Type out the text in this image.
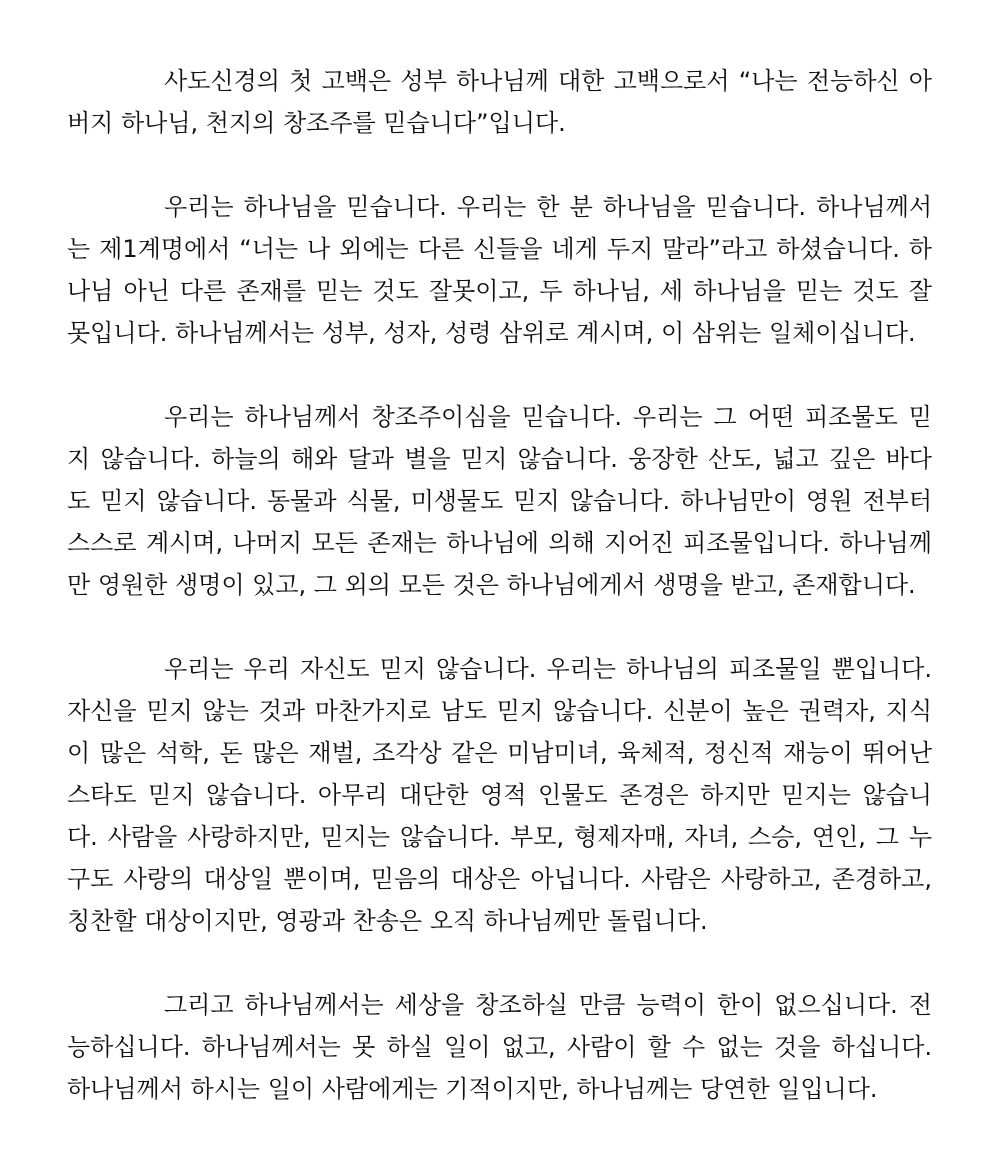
사도신경의 첫 고백은 성부 하나님께 대한 고백으로서 “나는 전능하신 아
버지 하나님, 천지의 창조주를 믿습니다”입니다.
우리는 하나님을 믿습니다. 우리는 한 분 하나님을 믿습니다. 하나님께서
는 제1계명에서 “너는 나 외에는 다른 신들을 네게 두지 말라”라고 하셨습니다. 하
나님 아닌 다른 존재를 믿는 것도 잘못이고, 두 하나님, 세 하나님을 믿는 것도 잘
못입니다. 하나님께서는 성부, 성자, 성령 삼위로 계시며, 이 삼위는 일체이십니다.
우리는 하나님께서 창조주이심을 믿습니다. 우리는 그 어떤 피조물도 믿
지 않습니다. 하늘의 해와 달과 별을 믿지 않습니다. 웅장한 산도, 넓고 깊은 바다
도 믿지 않습니다. 동물과 식물, 미생물도 믿지 않습니다. 하나님만이 영원 전부터
스스로 계시며, 나머지 모든 존재는 하나님에 의해 지어진 피조물입니다. 하나님께
만 영원한 생명이 있고, 그 외의 모든 것은 하나님에게서 생명을 받고, 존재합니다.
우리는 우리 자신도 믿지 않습니다. 우리는 하나님의 피조물일 뿐입니다.
자신을 믿지 않는 것과 마찬가지로 남도 믿지 않습니다. 신분이 높은 권력자, 지식
이 많은 석학, 돈 많은 재벌, 조각상 같은 미남미녀, 육체적, 정신적 재능이 뛰어난
스타도 믿지 않습니다. 아무리 대단한 영적 인물도 존경은 하지만 믿지는 않습니
다. 사람을 사랑하지만, 믿지는 않습니다. 부모, 형제자매, 자녀, 스승, 연인, 그 누
구도 사랑의 대상일 뿐이며, 믿음의 대상은 아닙니다. 사람은 사랑하고, 존경하고,
칭찬할 대상이지만, 영광과 찬송은 오직 하나님께만 돌립니다.
그리고 하나님께서는 세상을 창조하실 만큼 능력이 한이 없으십니다. 전
능하십니다. 하나님께서는 못 하실 일이 없고, 사람이 할 수 없는 것을 하십니다.
하나님께서 하시는 일이 사람에게는 기적이지만, 하나님께는 당연한 일입니다.
